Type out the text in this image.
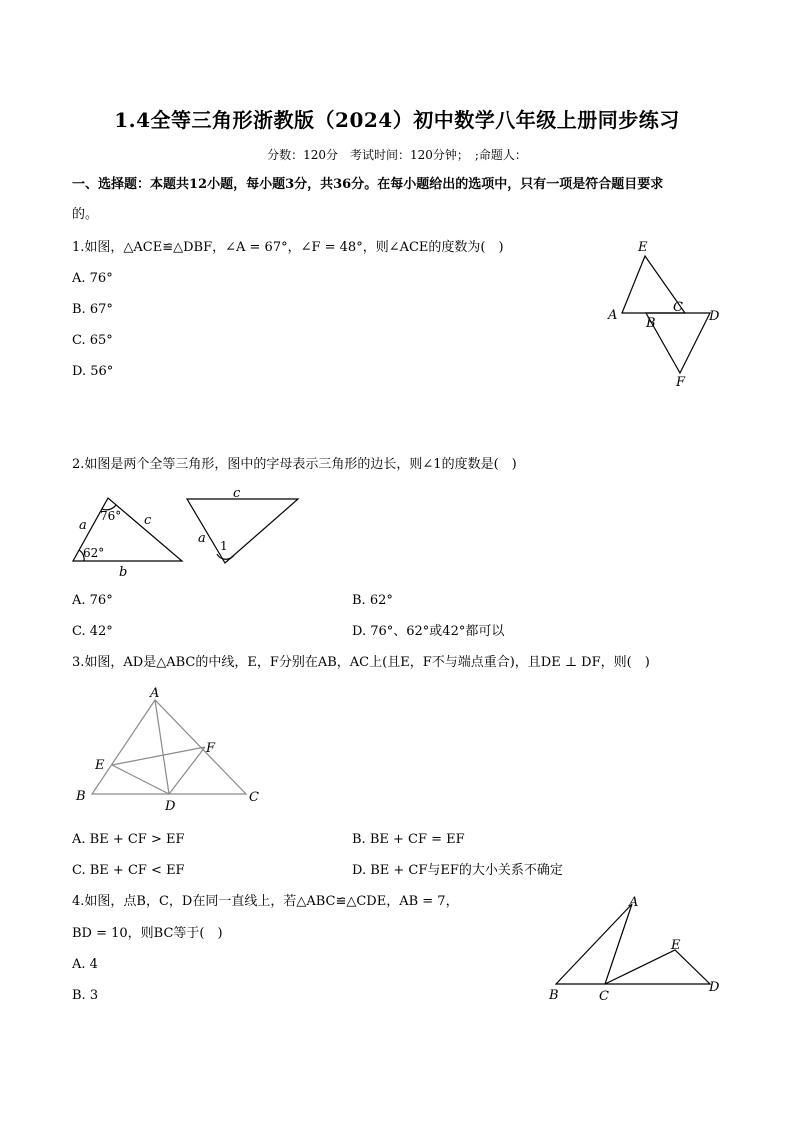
1.4全等三角形浙教版（2024）初中数学八年级上册同步练习
分数：120分　考试时间：120分钟；　;命题人：
一、选择题：本题共12小题，每小题3分，共36分。在每小题给出的选项中，只有一项是符合题目要求
的。
1.如图，△ACE≌△DBF，∠A = 67°，∠F = 48°，则∠ACE的度数为(　)
A. 76°
B. 67°
C. 65°
D. 56°
E
A
B
C
D
F
2.如图是两个全等三角形，图中的字母表示三角形的边长，则∠1的度数是(　)
a	c
b
76°
62°
c
a 1
A. 76°	B. 62°
C. 42°	D. 76°、62°或42°都可以
3.如图，AD是△ABC的中线，E，F分别在AB，AC上(且E，F不与端点重合)，且DE ⊥ DF，则(　)
A
B	C
D
E
F
A. BE + CF > EF	B. BE + CF = EF
C. BE + CF < EF	D. BE + CF与EF的大小关系不确定
4.如图，点B，C，D在同一直线上，若△ABC≌△CDE，AB = 7，
BD = 10，则BC等于(　)
A. 4
B. 3
A
B	C
D
E
